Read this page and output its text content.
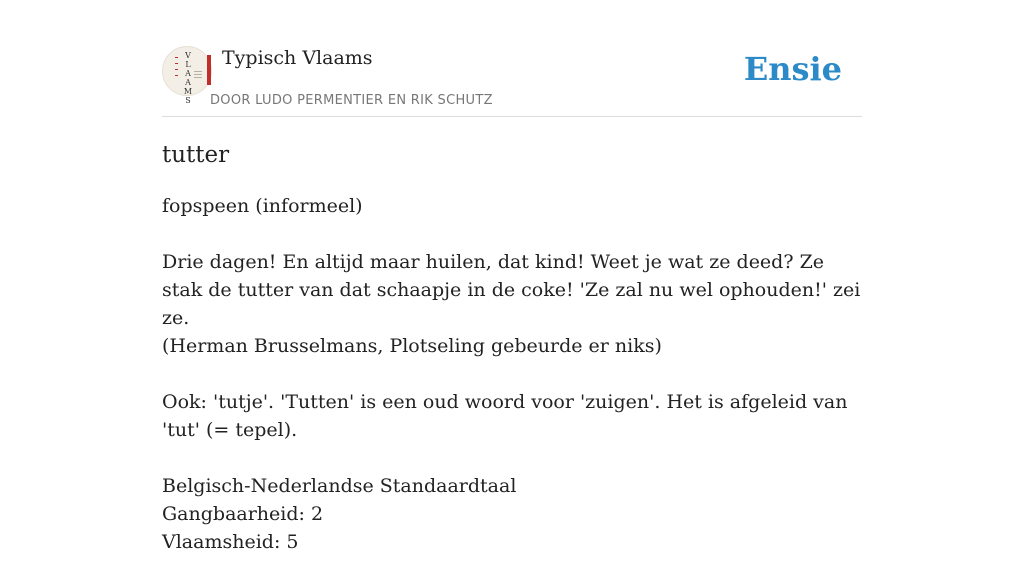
V
L
A
A
M
S
Typisch Vlaams
DOOR LUDO PERMENTIER EN RIK SCHUTZ
Ensie
tutter

fopspeen (informeel)

Drie dagen! En altijd maar huilen, dat kind! Weet je wat ze deed? Ze stak de tutter van dat schaapje in de coke! 'Ze zal nu wel ophouden!' zei ze.
(Herman Brusselmans, Plotseling gebeurde er niks)

Ook: 'tutje'. 'Tutten' is een oud woord voor 'zuigen'. Het is afgeleid van 'tut' (= tepel).

Belgisch-Nederlandse Standaardtaal
Gangbaarheid: 2
Vlaamsheid: 5
